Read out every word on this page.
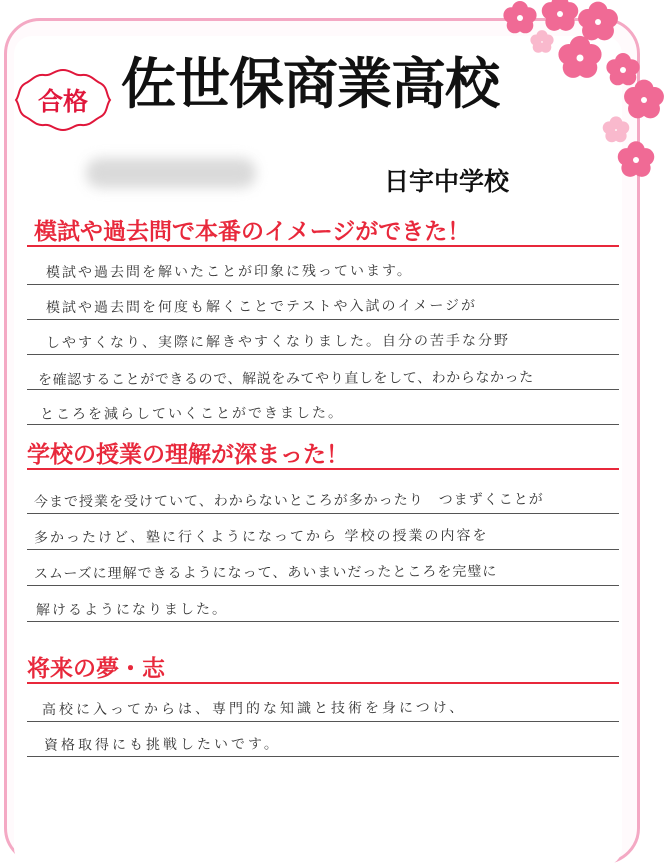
合格 佐世保商業高校
日宇中学校
模試や過去問で本番のイメージができた！
模試や過去問を解いたことが印象に残っています。
模試や過去問を何度も解くことでテストや入試のイメージが
しやすくなり、実際に解きやすくなりました。自分の苦手な分野
を確認することができるので、解説をみてやり直しをして、わからなかった
ところを減らしていくことができました。
学校の授業の理解が深まった！
今まで授業を受けていて、わからないところが多かったり　つまずくことが
多かったけど、塾に行くようになってから 学校の授業の内容を
スムーズに理解できるようになって、あいまいだったところを完璧に
解けるようになりました。
将来の夢・志
高校に入ってからは、専門的な知識と技術を身につけ、
資格取得にも挑戦したいです。
